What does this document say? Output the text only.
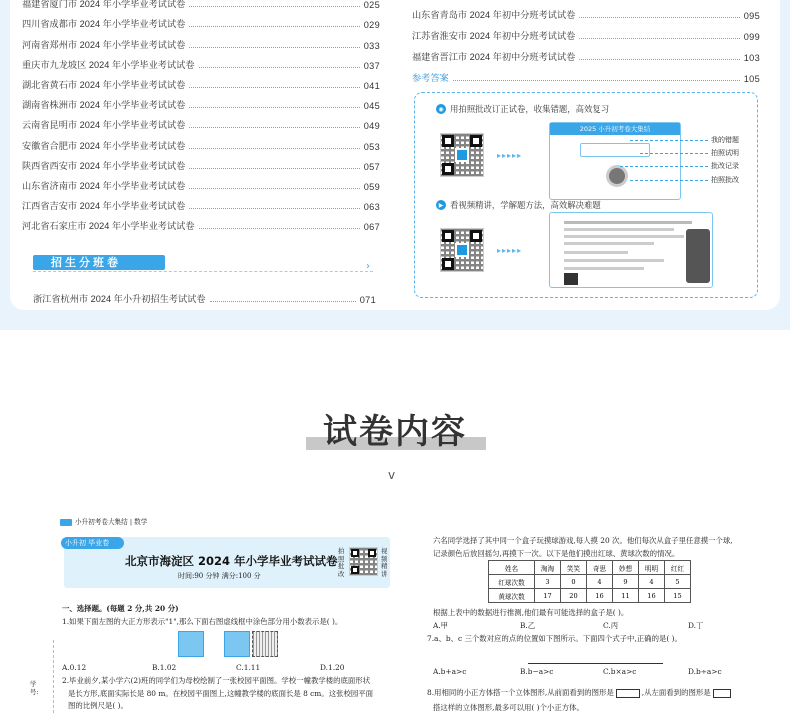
福建省厦门市 2024 年小学毕业考试试卷	025
四川省成都市 2024 年小学毕业考试试卷	029
河南省郑州市 2024 年小学毕业考试试卷	033
重庆市九龙坡区 2024 年小学毕业考试试卷	037
湖北省黄石市 2024 年小学毕业考试试卷	041
湖南省株洲市 2024 年小学毕业考试试卷	045
云南省昆明市 2024 年小学毕业考试试卷	049
安徽省合肥市 2024 年小学毕业考试试卷	053
陕西省西安市 2024 年小学毕业考试试卷	057
山东省济南市 2024 年小学毕业考试试卷	059
江西省吉安市 2024 年小学毕业考试试卷	063
河北省石家庄市 2024 年小学毕业考试试卷	067
招生分班卷	›
浙江省杭州市 2024 年小升初招生考试试卷	071
山东省青岛市 2024 年初中分班考试试卷	095
江苏省淮安市 2024 年初中分班考试试卷	099
福建省晋江市 2024 年初中分班考试试卷	103
参考答案	105
◉ 用拍照批改订正试卷，收集错题，高效复习
▸▸▸▸▸
2025 小升初考卷大集结
我的错题
拍照试明
批改记录
拍照批改
▶ 看视频精讲，学解题方法，高效解决难题
▸▸▸▸▸
试卷内容
v
小升初考卷大集结 | 数学
小升初 毕业卷
北京市海淀区 2024 年小学毕业考试试卷
时间:90 分钟 满分:100 分
拍照批改
视频精讲
一、选择题。(每题 2 分,共 20 分)
1.如果下面左图的大正方形表示"1",那么下面右图虚线框中涂色部分用小数表示是( )。
A.0.12	B.1.02	C.1.11	D.1.20
2.毕业前夕,某小学六(2)班的同学们为母校绘制了一张校园平面图。学校一幢教学楼的底面形状
是长方形,底面实际长是 80 m。在校园平面图上,这幢教学楼的底面长是 8 cm。这张校园平面
图的比例尺是( )。
学号:
六名同学选择了其中同一个盒子玩摸球游戏,每人摸 20 次。他们每次从盒子里任意摸一个球,
记录颜色后放回摇匀,再摸下一次。以下是他们摸出红球、黄球次数的情况。
姓名	淘淘	笑笑	奇思	妙想	明明	红红
红球次数	3	0	4	9	4	5
黄球次数	17	20	16	11	16	15
根据上表中的数据进行推测,他们最有可能选择的盒子是( )。
A.甲	B.乙	C.丙	D.丁
7.a、b、c 三个数对应的点的位置如下图所示。下面四个式子中,正确的是( )。
A.b+a>c	B.b−a>c	C.b×a>c	D.b÷a>c
8.用相同的小正方体搭一个立体图形,从前面看到的图形是	,从左面看到的图形是
搭这样的立体图形,最多可以用( )个小正方体。
